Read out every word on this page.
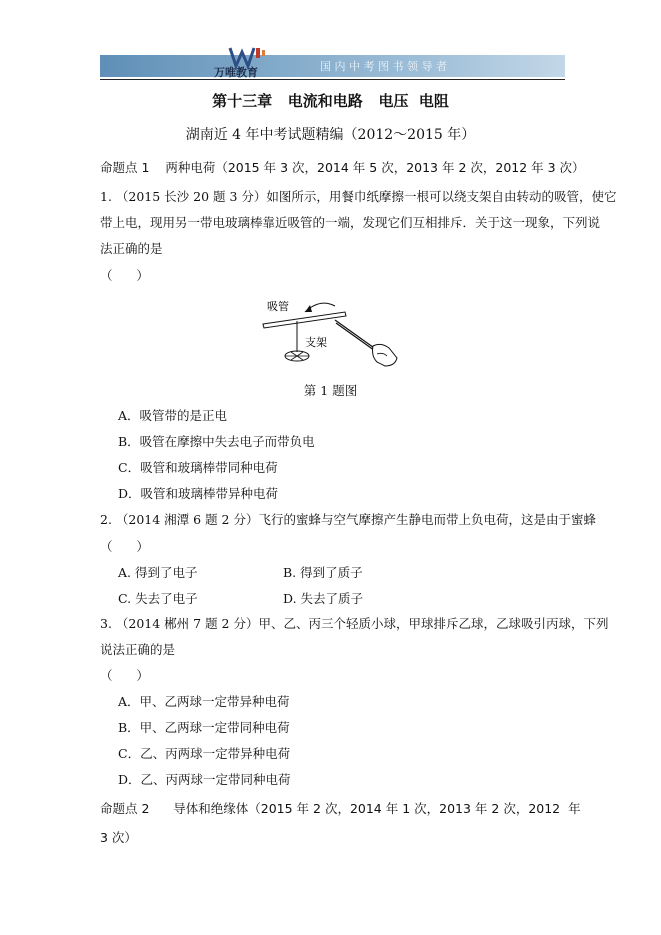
万唯教育	国内中考图书领导者
第十三章   电流和电路   电压  电阻
湖南近 4 年中考试题精编（2012～2015 年）
命题点 1    两种电荷（2015 年 3 次，2014 年 5 次，2013 年 2 次，2012 年 3 次）
1. （2015 长沙 20 题 3 分）如图所示，用餐巾纸摩擦一根可以绕支架自由转动的吸管，使它
带上电，现用另一带电玻璃棒靠近吸管的一端，发现它们互相排斥．关于这一现象，下列说
法正确的是
（      ）
吸管
支架
第 1 题图
A．吸管带的是正电
B．吸管在摩擦中失去电子而带负电
C．吸管和玻璃棒带同种电荷
D．吸管和玻璃棒带异种电荷
2. （2014 湘潭 6 题 2 分）飞行的蜜蜂与空气摩擦产生静电而带上负电荷，这是由于蜜蜂
（      ）
A. 得到了电子	B. 得到了质子
C. 失去了电子	D. 失去了质子
3. （2014 郴州 7 题 2 分）甲、乙、丙三个轻质小球，甲球排斥乙球，乙球吸引丙球，下列
说法正确的是
（      ）
A．甲、乙两球一定带异种电荷
B．甲、乙两球一定带同种电荷
C．乙、丙两球一定带异种电荷
D．乙、丙两球一定带同种电荷
命题点 2      导体和绝缘体（2015 年 2 次，2014 年 1 次，2013 年 2 次，2012  年
3 次）
